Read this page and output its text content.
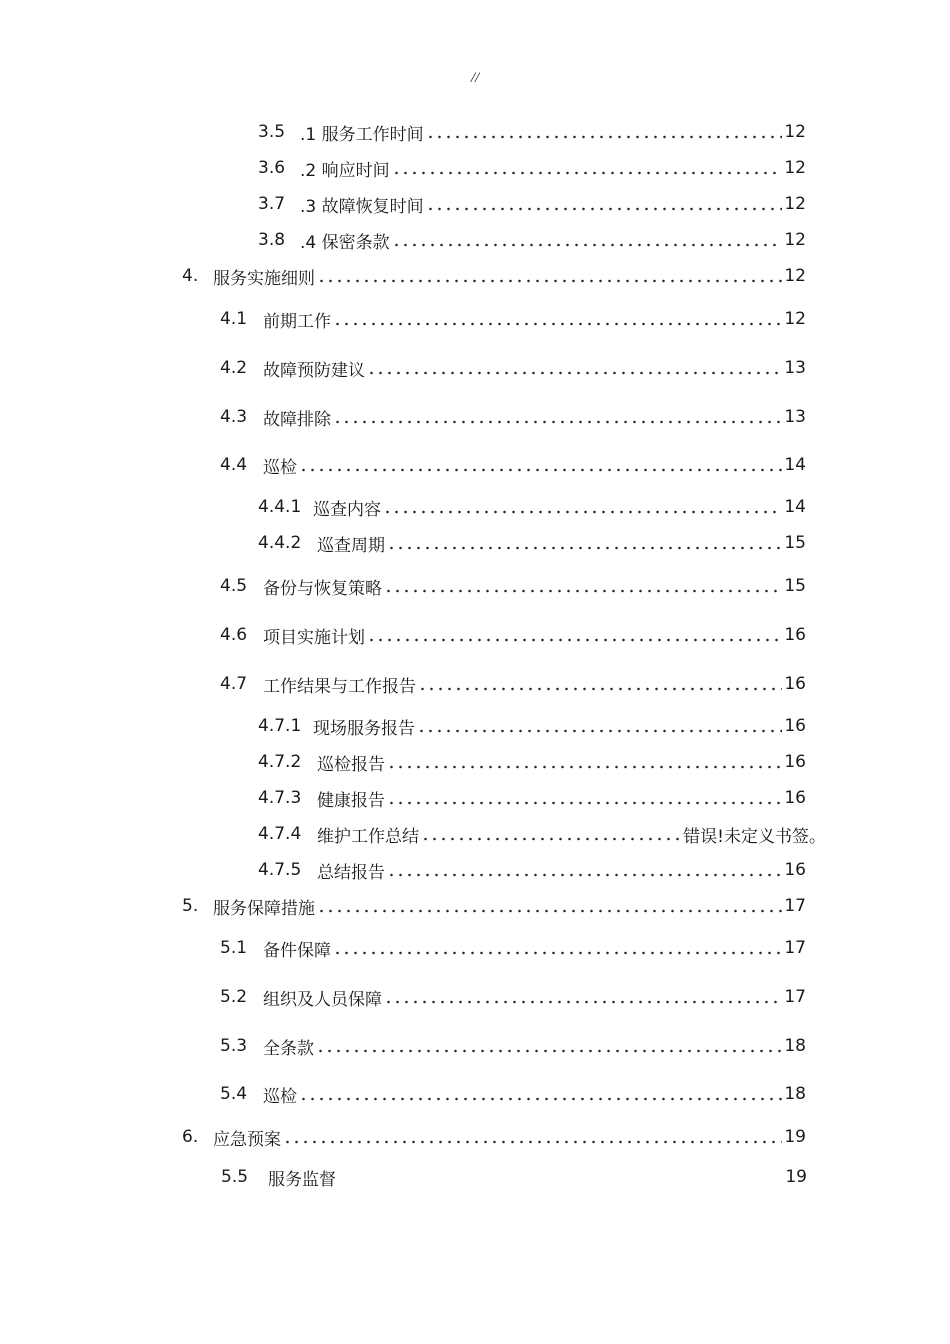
//
3.5 .1 服务工作时间	12
3.6 .2 响应时间	12
3.7 .3 故障恢复时间	12
3.8 .4 保密条款	12
4. 服务实施细则	12
4.1 前期工作	12
4.2 故障预防建议	13
4.3 故障排除	13
4.4 巡检	14
4.4.1 巡查内容	14
4.4.2 巡查周期	15
4.5 备份与恢复策略	15
4.6 项目实施计划	16
4.7 工作结果与工作报告	16
4.7.1 现场服务报告	16
4.7.2 巡检报告	16
4.7.3 健康报告	16
4.7.4 维护工作总结	错误!未定义书签。
4.7.5 总结报告	16
5. 服务保障措施	17
5.1 备件保障	17
5.2 组织及人员保障	17
5.3 全条款	18
5.4 巡检	18
6. 应急预案	19
5.5	服务监督	19
